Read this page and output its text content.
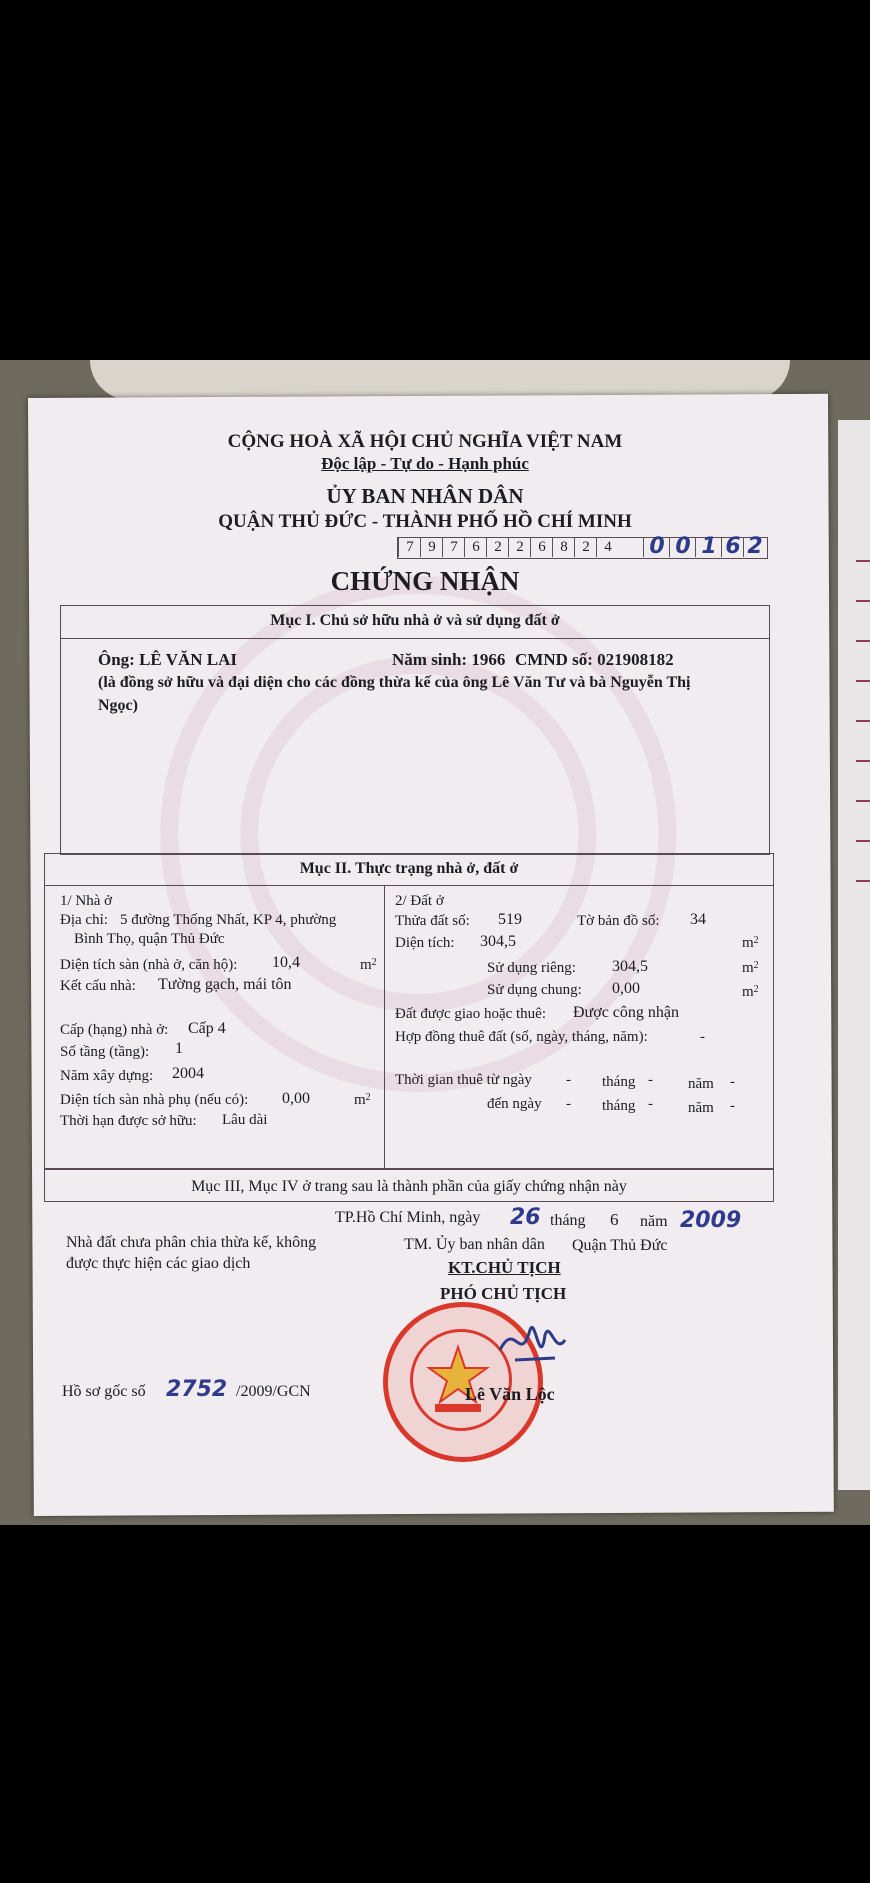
CỘNG HOÀ XÃ HỘI CHỦ NGHĨA VIỆT NAM
Độc lập - Tự do - Hạnh phúc
ỦY BAN NHÂN DÂN
QUẬN THỦ ĐỨC - THÀNH PHỐ HỒ CHÍ MINH
7 9 7 6 2 2 6 8 2 4	0 0 1 6 2
CHỨNG NHẬN
Mục I. Chủ sở hữu nhà ở và sử dụng đất ở
Ông: LÊ VĂN LAI	Năm sinh: 1966 CMND số: 021908182
(là đồng sở hữu và đại diện cho các đồng thừa kế của ông Lê Văn Tư và bà Nguyễn Thị
Ngọc)
Mục II. Thực trạng nhà ở, đất ở
1/ Nhà ở
Địa chỉ: 5 đường Thống Nhất, KP 4, phường
Bình Thọ, quận Thủ Đức
Diện tích sàn (nhà ở, căn hộ): 10,4	$m^2$
Kết cấu nhà: Tường gạch, mái tôn
Cấp (hạng) nhà ở: Cấp 4
Số tầng (tầng): 1
Năm xây dựng: 2004
Diện tích sàn nhà phụ (nếu có): 0,00	$m^2$
Thời hạn được sở hữu: Lâu dài
2/ Đất ở
Thửa đất số: 519	Tờ bản đồ số: 34
Diện tích: 304,5	$m^2$
Sử dụng riêng: 304,5	$m^2$
Sử dụng chung: 0,00	$m^2$
Đất được giao hoặc thuê: Được công nhận
Hợp đồng thuê đất (số, ngày, tháng, năm):	-
Thời gian thuê từ ngày - tháng - năm -
đến ngày - tháng - năm -
Mục III, Mục IV ở trang sau là thành phần của giấy chứng nhận này
TP.Hồ Chí Minh, ngày 26 tháng 6 năm 2009
Nhà đất chưa phân chia thừa kế, không
được thực hiện các giao dịch
TM. Ủy ban nhân dân Quận Thủ Đức
KT.CHỦ TỊCH
PHÓ CHỦ TỊCH
Lê Văn Lộc
Hồ sơ gốc số 2752 /2009/GCN
